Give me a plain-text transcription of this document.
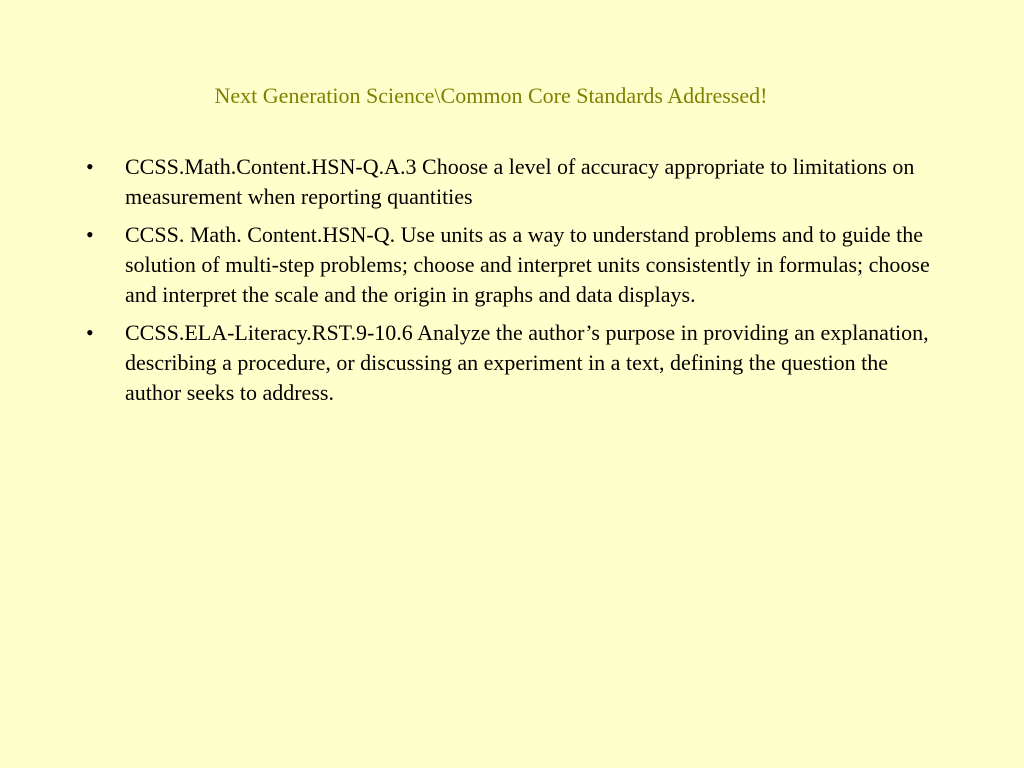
Next Generation Science\Common Core Standards Addressed!
•	CCSS.Math.Content.HSN-Q.A.3 Choose a level of accuracy appropriate to limitations on measurement when reporting quantities
•	CCSS. Math. Content.HSN-Q. Use units as a way to understand problems and to guide the solution of multi-step problems; choose and interpret units consistently in formulas; choose and interpret the scale and the origin in graphs and data displays.
•	CCSS.ELA-Literacy.RST.9-10.6 Analyze the author’s purpose in providing an explanation, describing a procedure, or discussing an experiment in a text, defining the question the author seeks to address.
